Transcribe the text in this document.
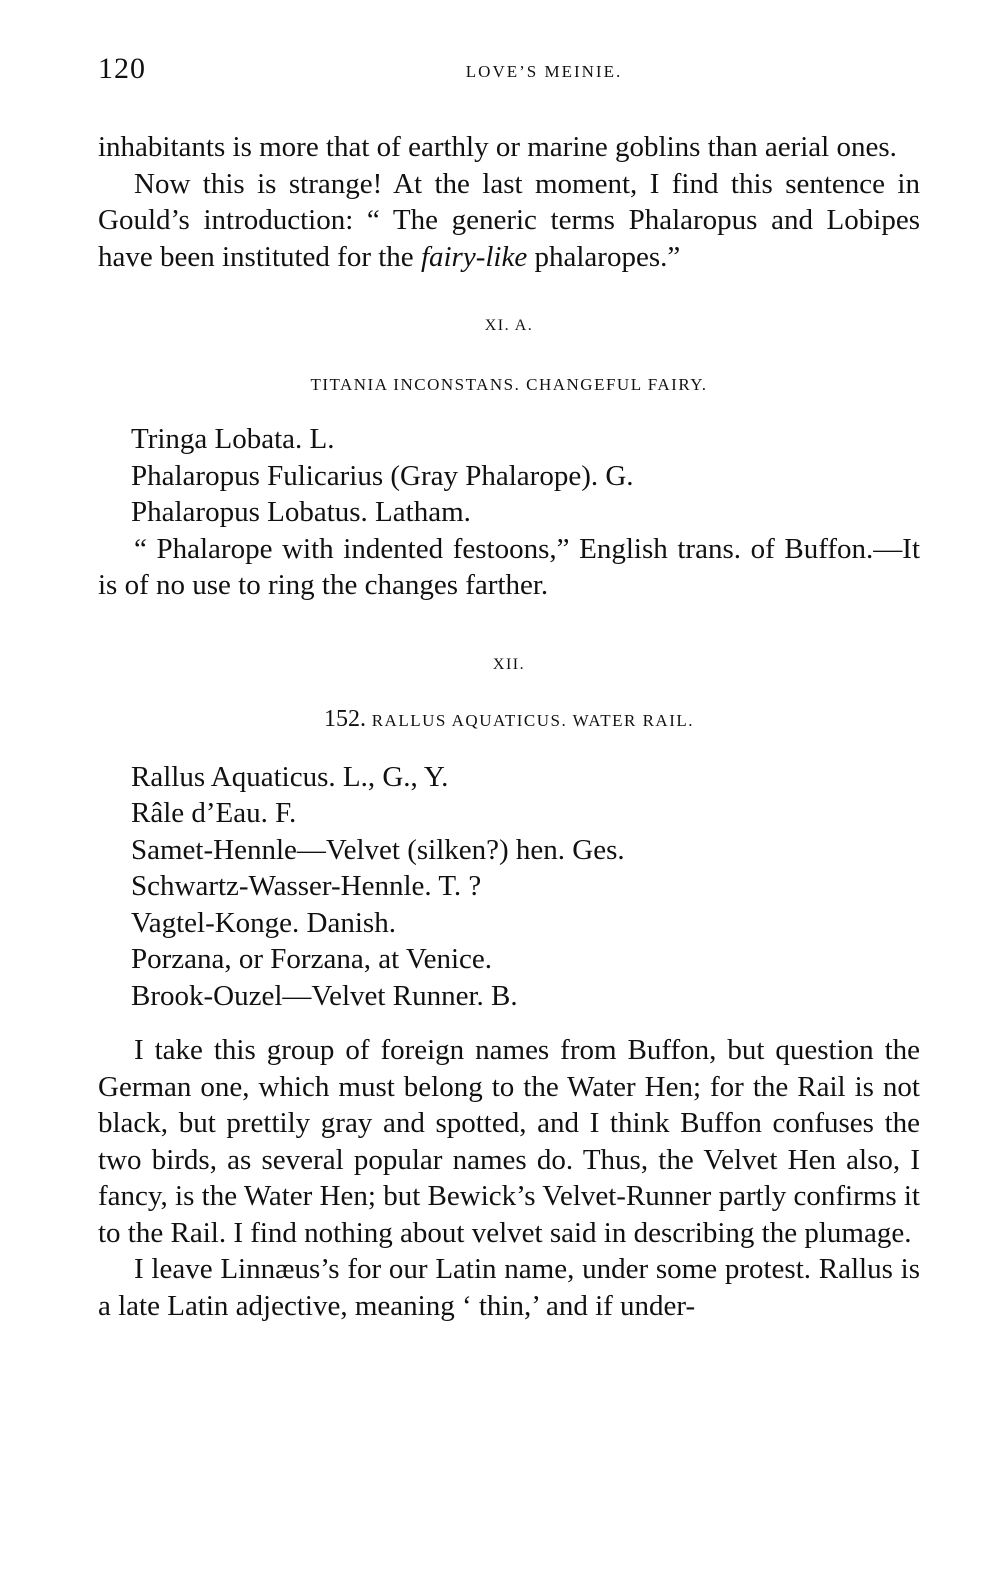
120	LOVE’S MEINIE.

inhabitants is more that of earthly or marine goblins than aerial ones.

Now this is strange! At the last moment, I find this sentence in Gould’s introduction: “ The generic terms Phalaropus and Lobipes have been instituted for the fairy-like phalaropes.”

XI. A.

TITANIA INCONSTANS. CHANGEFUL FAIRY.

Tringa Lobata. L.
Phalaropus Fulicarius (Gray Phalarope). G.
Phalaropus Lobatus. Latham.

“ Phalarope with indented festoons,” English trans. of Buffon.—It is of no use to ring the changes farther.

XII.

152. RALLUS AQUATICUS. WATER RAIL.

Rallus Aquaticus. L., G., Y.
Râle d’Eau. F.
Samet-Hennle—Velvet (silken?) hen. Ges.
Schwartz-Wasser-Hennle. T. ?
Vagtel-Konge. Danish.
Porzana, or Forzana, at Venice.
Brook-Ouzel—Velvet Runner. B.

I take this group of foreign names from Buffon, but question the German one, which must belong to the Water Hen; for the Rail is not black, but prettily gray and spotted, and I think Buffon confuses the two birds, as several popular names do. Thus, the Velvet Hen also, I fancy, is the Water Hen; but Bewick’s Velvet-Runner partly confirms it to the Rail. I find nothing about velvet said in describing the plumage.

I leave Linnæus’s for our Latin name, under some protest. Rallus is a late Latin adjective, meaning ‘ thin,’ and if under-
